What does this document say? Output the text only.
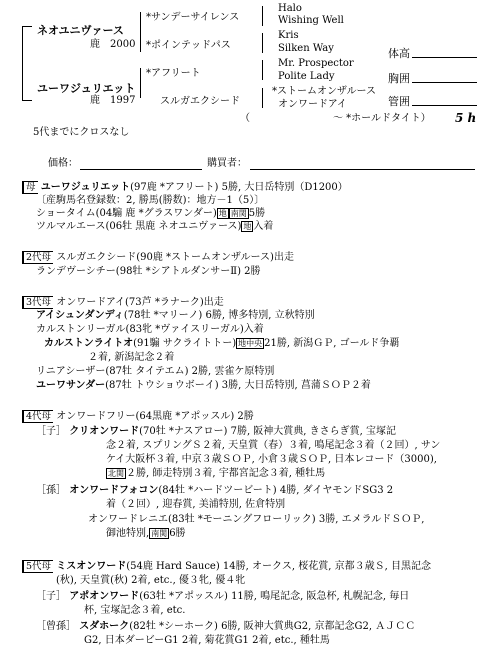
ネオユニヴァース
鹿　2000
ユーワジュリエット
鹿　1997
*サンデーサイレンス
*ポインテッドパス
*アフリート
スルガエクシード
Halo
Wishing Well
Kris
Silken Way
Mr. Prospector
Polite Lady
*ストームオンザルース
オンワードアイ
体高
胸囲
管囲
（	～ *ホールドタイト） 5 h
5代までにクロスなし
価格：	購買者：
母 ユーワジュリエット(97鹿 *アフリート) 5勝, 大日岳特別（D1200）
〔産駒馬名登録数：2, 勝馬(勝数)：地方－1（5）〕
ショータイム(04騸 鹿 *グラスワンダー) 地 南関 5勝
ツルマルエース(06牡 黒鹿 ネオユニヴァース) 地 入着
2代母 スルガエクシード(90鹿 *ストームオンザルース)出走
ランデヴーシチー(98牡 *シアトルダンサーⅡ) 2勝
3代母 オンワードアイ(73芦 *ラナーク)出走
アイシュンダンディ(78牡 *マリーノ) 6勝, 博多特別, 立秋特別
カルストンリーガル(83牝 *ヴァイスリーガル)入着
カルストンライトオ(91騸 サクライトトー) 地中央 21勝, 新潟ＧＰ, ゴールド争覇
２着, 新潟記念２着
リニアシーザー(87牡 タイテエム) 2勝, 雲雀ケ原特別
ユーワサンダー(87牡 トウショウボーイ) 3勝, 大日岳特別, 菖蒲ＳＯＰ２着
4代母 オンワードフリー(64黒鹿 *アポッスル) 2勝
［子］ クリオンワード(70牡 *ナスアロー) 7勝, 阪神大賞典, きさらぎ賞, 宝塚記
念２着, スプリングＳ２着, 天皇賞（春）３着, 鳴尾記念３着（２回）, サン
ケイ大阪杯３着, 中京３歳ＳＯＰ, 小倉３歳ＳＯＰ, 日本レコード（3000),
北関 ２勝, 師走特別３着, 宇都宮記念３着, 種牡馬
［孫］ オンワードフォコン(84牡 *ハードツービート) 4勝, ダイヤモンドSG3 2
着（２回）, 迎春賞, 美浦特別, 佐倉特別
オンワードレニエ(83牡 *モーニングフローリック) 3勝, エメラルドＳＯＰ,
御池特別, 南関 6勝
5代母 ミスオンワード(54鹿 Hard Sauce) 14勝, オークス, 桜花賞, 京都３歳Ｓ, 目黒記念
(秋), 天皇賞(秋) 2着, etc., 優３牝, 優４牝
［子］ アポオンワード(63牡 *アポッスル) 11勝, 鳴尾記念, 阪急杯, 札幌記念, 毎日
杯, 宝塚記念３着, etc.
［曾孫］ スダホーク(82牡 *シーホーク) 6勝, 阪神大賞典G2, 京都記念G2, ＡＪＣＣ
G2, 日本ダービーG1 2着, 菊花賞G1 2着, etc., 種牡馬
